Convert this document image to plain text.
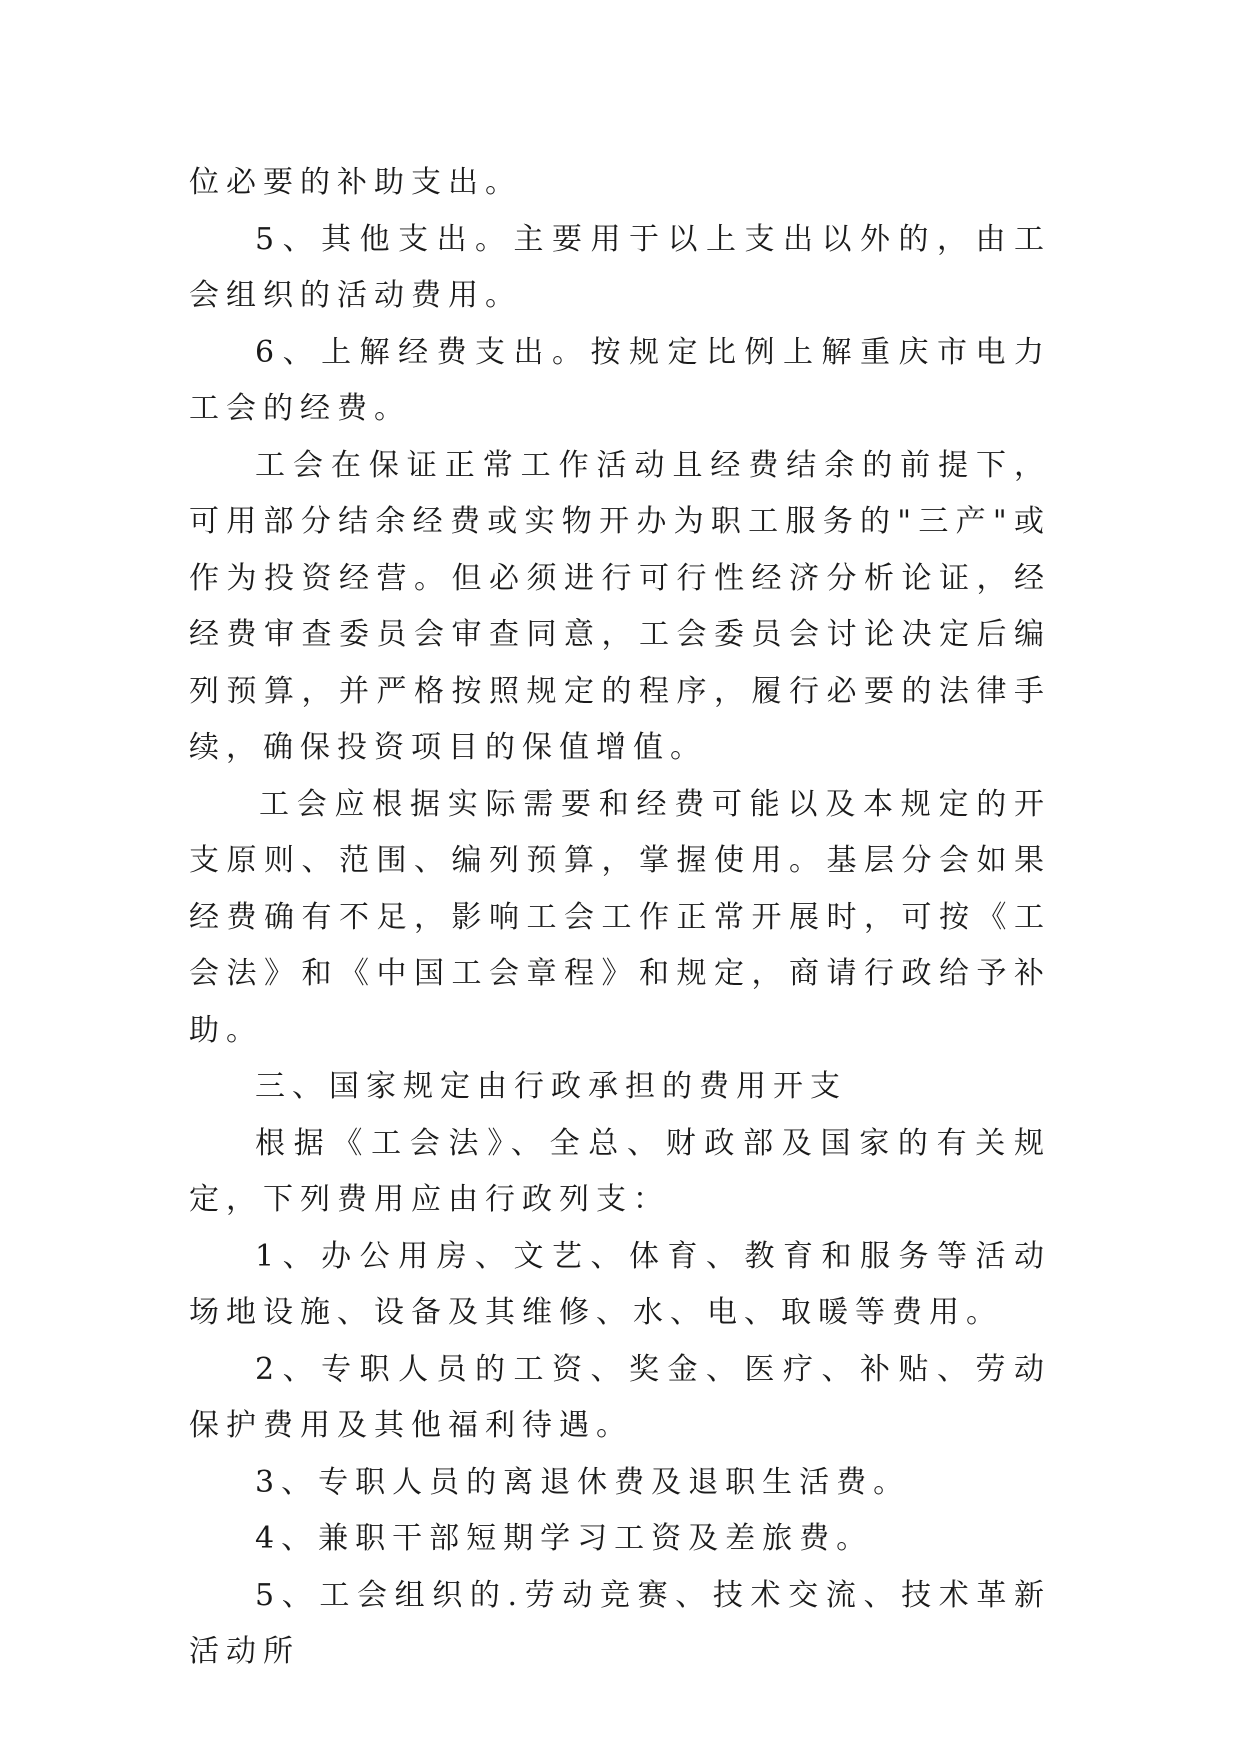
位必要的补助支出。

5、其他支出。主要用于以上支出以外的，由工会组织的活动费用。

6、上解经费支出。按规定比例上解重庆市电力工会的经费。

工会在保证正常工作活动且经费结余的前提下，可用部分结余经费或实物开办为职工服务的"三产"或作为投资经营。但必须进行可行性经济分析论证，经经费审查委员会审查同意，工会委员会讨论决定后编列预算，并严格按照规定的程序，履行必要的法律手续，确保投资项目的保值增值。

工会应根据实际需要和经费可能以及本规定的开支原则、范围、编列预算，掌握使用。基层分会如果经费确有不足，影响工会工作正常开展时，可按《工会法》和《中国工会章程》和规定，商请行政给予补助。

三、国家规定由行政承担的费用开支

根据《工会法》、全总、财政部及国家的有关规定，下列费用应由行政列支：

1、办公用房、文艺、体育、教育和服务等活动场地设施、设备及其维修、水、电、取暖等费用。

2、专职人员的工资、奖金、医疗、补贴、劳动保护费用及其他福利待遇。

3、专职人员的离退休费及退职生活费。

4、兼职干部短期学习工资及差旅费。

5、工会组织的.劳动竞赛、技术交流、技术革新活动所
